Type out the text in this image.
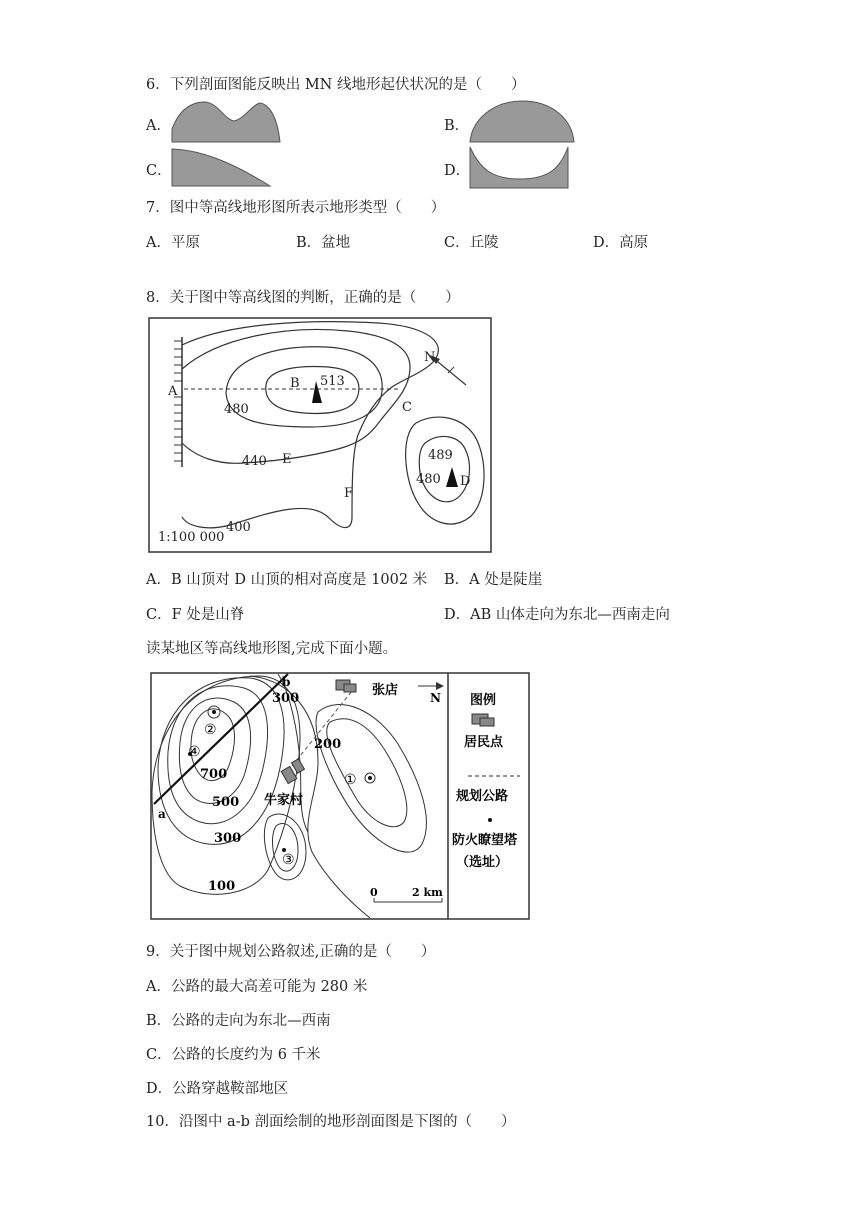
6．下列剖面图能反映出 MN 线地形起伏状况的是（　　）
A．	B．
C．	D．
7．图中等高线地形图所表示地形类型（　　）
A．平原	B．盆地	C．丘陵	D．高原
8．关于图中等高线图的判断，正确的是（　　）
A
B
C
D
E
F
N
513
480
440
400
489
480
1:100 000
A．B 山顶对 D 山顶的相对高度是 1002 米 B．A 处是陡崖
C．F 处是山脊	D．AB 山体走向为东北—西南走向
读某地区等高线地形图,完成下面小题。
a
b
②
④
①
③
700
500
300
300
200
100
张店
牛家村
N
0	2 km
图例
居民点
规划公路
防火瞭望塔
（选址）
9．关于图中规划公路叙述,正确的是（　　）
A．公路的最大高差可能为 280 米
B．公路的走向为东北—西南
C．公路的长度约为 6 千米
D．公路穿越鞍部地区
10．沿图中 a-b 剖面绘制的地形剖面图是下图的（　　）
